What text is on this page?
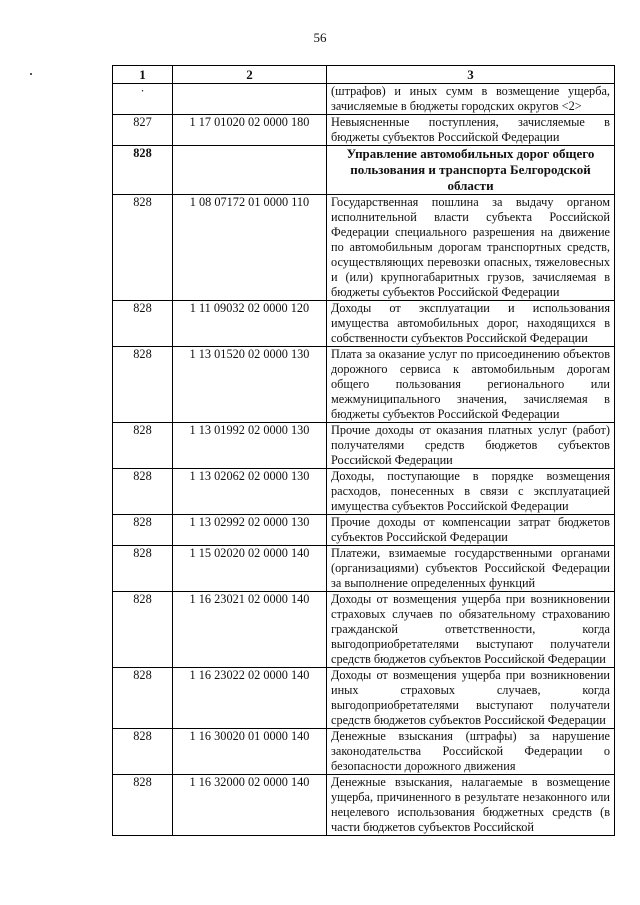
56
1	2	3
·		(штрафов) и иных сумм в возмещение ущерба, зачисляемые в бюджеты городских округов <2>
827	1 17 01020 02 0000 180	Невыясненные поступления, зачисляемые в бюджеты субъектов Российской Федерации
828		Управление автомобильных дорог общего пользования и транспорта Белгородской области
828	1 08 07172 01 0000 110	Государственная пошлина за выдачу органом исполнительной власти субъекта Российской Федерации специального разрешения на движение по автомобильным дорогам транспортных средств, осуществляющих перевозки опасных, тяжеловесных и (или) крупногабаритных грузов, зачисляемая в бюджеты субъектов Российской Федерации
828	1 11 09032 02 0000 120	Доходы от эксплуатации и использования имущества автомобильных дорог, находящихся в собственности субъектов Российской Федерации
828	1 13 01520 02 0000 130	Плата за оказание услуг по присоединению объектов дорожного сервиса к автомобильным дорогам общего пользования регионального или межмуниципального значения, зачисляемая в бюджеты субъектов Российской Федерации
828	1 13 01992 02 0000 130	Прочие доходы от оказания платных услуг (работ) получателями средств бюджетов субъектов Российской Федерации
828	1 13 02062 02 0000 130	Доходы, поступающие в порядке возмещения расходов, понесенных в связи с эксплуатацией имущества субъектов Российской Федерации
828	1 13 02992 02 0000 130	Прочие доходы от компенсации затрат бюджетов субъектов Российской Федерации
828	1 15 02020 02 0000 140	Платежи, взимаемые государственными органами (организациями) субъектов Российской Федерации за выполнение определенных функций
828	1 16 23021 02 0000 140	Доходы от возмещения ущерба при возникновении страховых случаев по обязательному страхованию гражданской ответственности, когда выгодоприобретателями выступают получатели средств бюджетов субъектов Российской Федерации
828	1 16 23022 02 0000 140	Доходы от возмещения ущерба при возникновении иных страховых случаев, когда выгодоприобретателями выступают получатели средств бюджетов субъектов Российской Федерации
828	1 16 30020 01 0000 140	Денежные взыскания (штрафы) за нарушение законодательства Российской Федерации о безопасности дорожного движения
828	1 16 32000 02 0000 140	Денежные взыскания, налагаемые в возмещение ущерба, причиненного в результате незаконного или нецелевого использования бюджетных средств (в части бюджетов субъектов Российской
